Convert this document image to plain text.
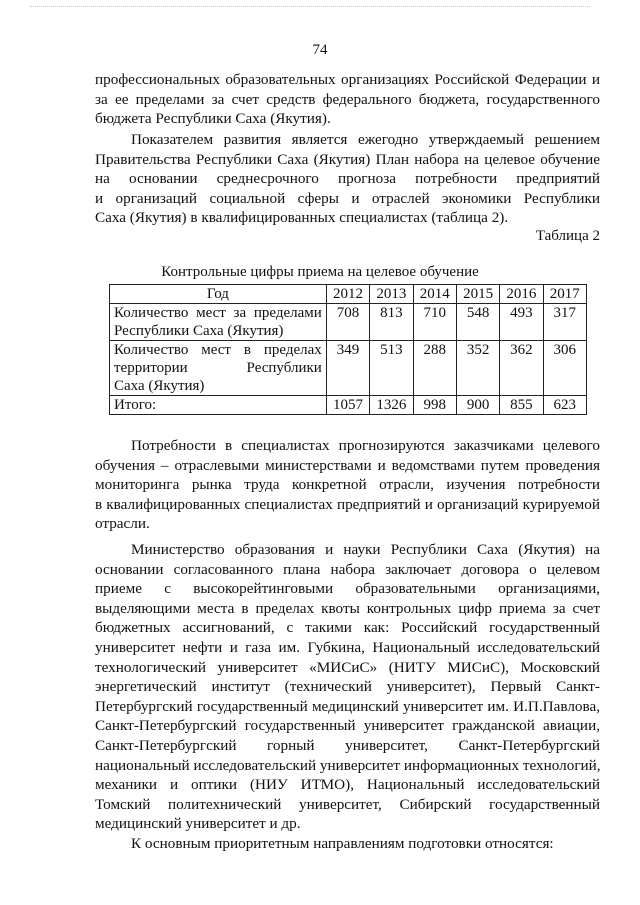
74
профессиональных образовательных организациях Российской Федерации и
за ее пределами за счет средств федерального бюджета, государственного
бюджета Республики Саха (Якутия).
Показателем развития является ежегодно утверждаемый решением
Правительства Республики Саха (Якутия) План набора на целевое обучение
на основании среднесрочного прогноза потребности предприятий
и организаций социальной сферы и отраслей экономики Республики
Саха (Якутия) в квалифицированных специалистах (таблица 2).
Таблица 2
Контрольные цифры приема на целевое обучение
Год	2012	2013	2014	2015	2016	2017

Количество мест за пределами
Республики Саха (Якутия)	708	813	710	548	493	317

Количество мест в пределах
территории Республики
Саха (Якутия)	349	513	288	352	362	306
Итого:	1057	1326	998	900	855	623
Потребности в специалистах прогнозируются заказчиками целевого
обучения – отраслевыми министерствами и ведомствами путем проведения
мониторинга рынка труда конкретной отрасли, изучения потребности
в квалифицированных специалистах предприятий и организаций курируемой
отрасли.
Министерство образования и науки Республики Саха (Якутия) на
основании согласованного плана набора заключает договора о целевом
приеме с высокорейтинговыми образовательными организациями,
выделяющими места в пределах квоты контрольных цифр приема за счет
бюджетных ассигнований, с такими как: Российский государственный
университет нефти и газа им. Губкина, Национальный исследовательский
технологический университет «МИСиС» (НИТУ МИСиС), Московский
энергетический институт (технический университет), Первый Санкт-
Петербургский государственный медицинский университет им. И.П.Павлова,
Санкт-Петербургский государственный университет гражданской авиации,
Санкт-Петербургский горный университет, Санкт-Петербургский
национальный исследовательский университет информационных технологий,
механики и оптики (НИУ ИТМО), Национальный исследовательский
Томский политехнический университет, Сибирский государственный
медицинский университет и др.
К основным приоритетным направлениям подготовки относятся:
